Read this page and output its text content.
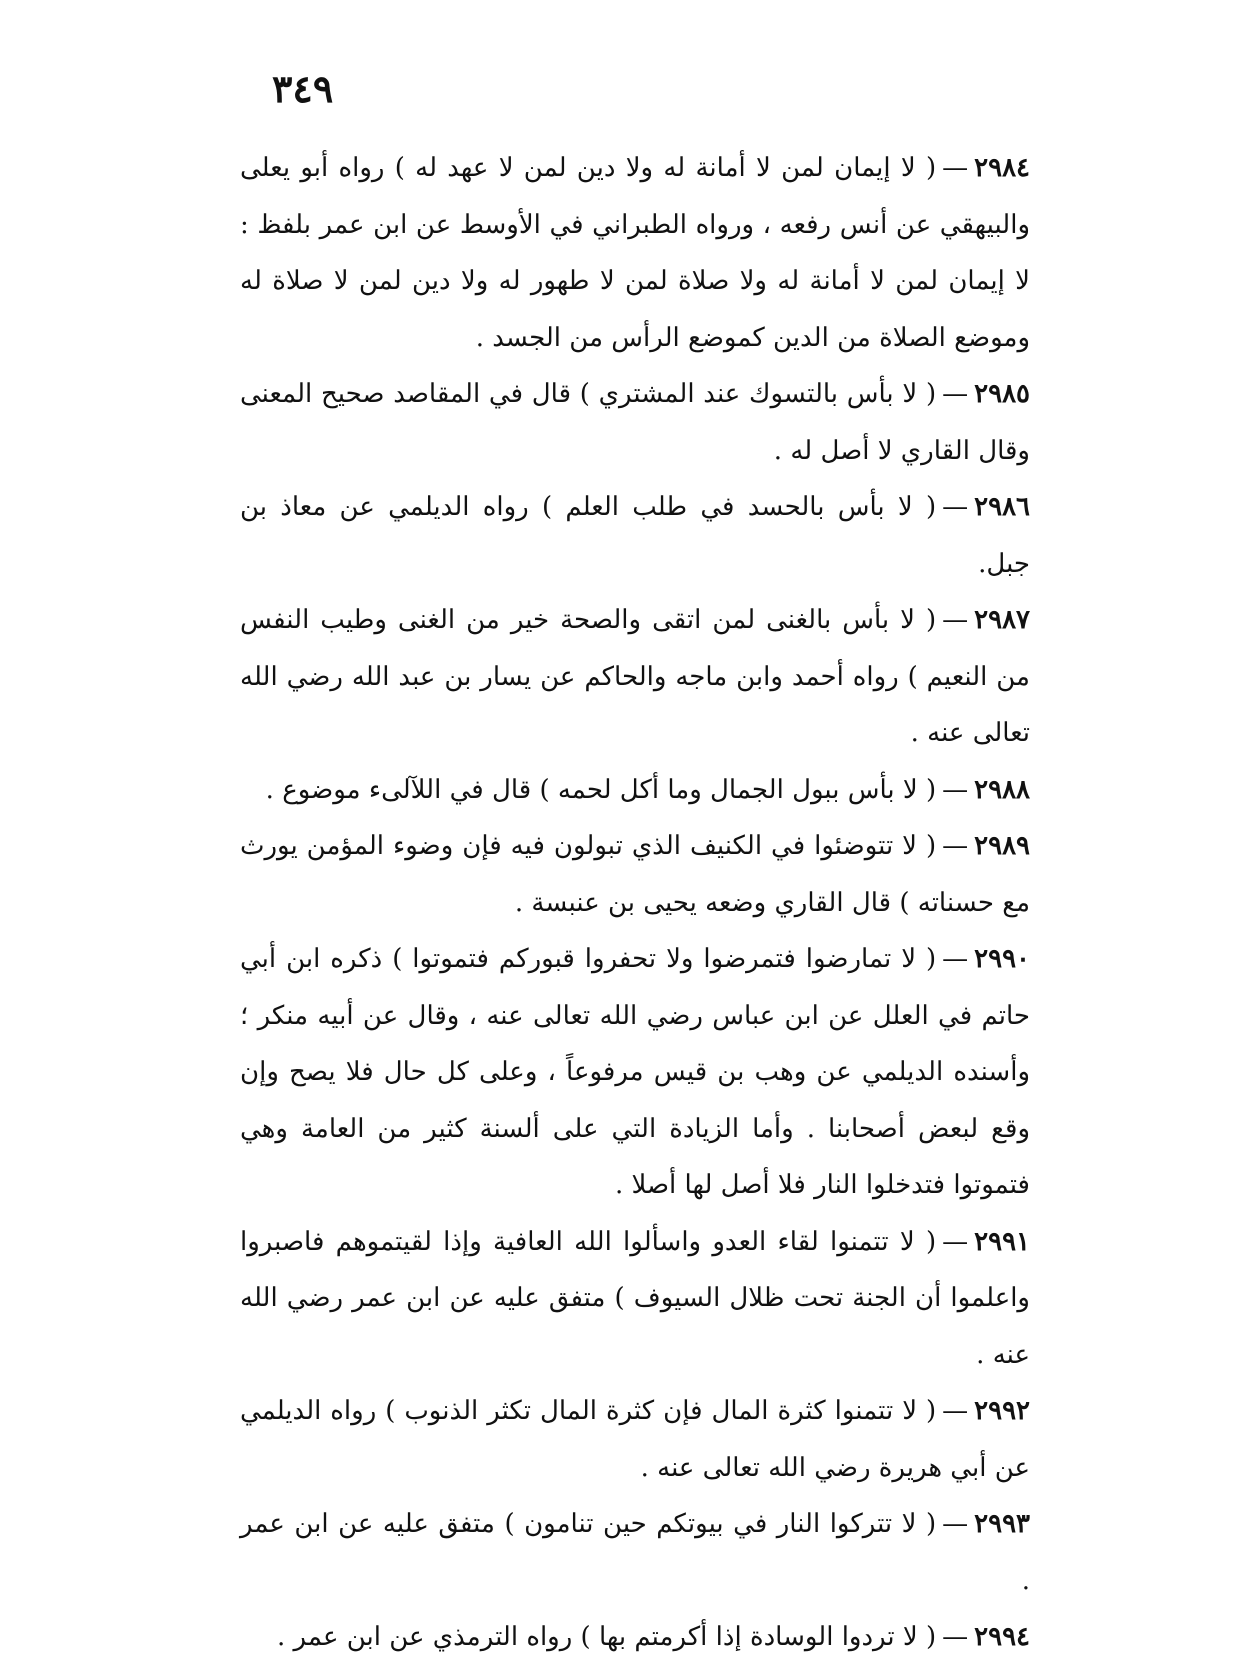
٣٤٩

٢٩٨٤—( لا إيمان لمن لا أمانة له ولا دين لمن لا عهد له ) رواه أبو يعلى والبيهقي عن أنس رفعه ، ورواه الطبراني في الأوسط عن ابن عمر بلفظ : لا إيمان لمن لا أمانة له ولا صلاة لمن لا طهور له ولا دين لمن لا صلاة له وموضع الصلاة من الدين كموضع الرأس من الجسد .

٢٩٨٥—( لا بأس بالتسوك عند المشتري ) قال في المقاصد صحيح المعنى وقال القاري لا أصل له .

٢٩٨٦—( لا بأس بالحسد في طلب العلم ) رواه الديلمي عن معاذ بن جبل.

٢٩٨٧—( لا بأس بالغنى لمن اتقى والصحة خير من الغنى وطيب النفس من النعيم ) رواه أحمد وابن ماجه والحاكم عن يسار بن عبد الله رضي الله تعالى عنه .

٢٩٨٨—( لا بأس ببول الجمال وما أكل لحمه ) قال في اللآلىء موضوع .

٢٩٨٩—( لا تتوضئوا في الكنيف الذي تبولون فيه فإن وضوء المؤمن يورث مع حسناته ) قال القاري وضعه يحيى بن عنبسة .

٢٩٩٠—( لا تمارضوا فتمرضوا ولا تحفروا قبوركم فتموتوا ) ذكره ابن أبي حاتم في العلل عن ابن عباس رضي الله تعالى عنه ، وقال عن أبيه منكر ؛ وأسنده الديلمي عن وهب بن قيس مرفوعاً ، وعلى كل حال فلا يصح وإن وقع لبعض أصحابنا . وأما الزيادة التي على ألسنة كثير من العامة وهي فتموتوا فتدخلوا النار فلا أصل لها أصلا .

٢٩٩١—( لا تتمنوا لقاء العدو واسألوا الله العافية وإذا لقيتموهم فاصبروا واعلموا أن الجنة تحت ظلال السيوف ) متفق عليه عن ابن عمر رضي الله عنه .

٢٩٩٢—( لا تتمنوا كثرة المال فإن كثرة المال تكثر الذنوب ) رواه الديلمي عن أبي هريرة رضي الله تعالى عنه .

٢٩٩٣—( لا تتركوا النار في بيوتكم حين تنامون ) متفق عليه عن ابن عمر .

٢٩٩٤—( لا تردوا الوسادة إذا أكرمتم بها ) رواه الترمذي عن ابن عمر .
